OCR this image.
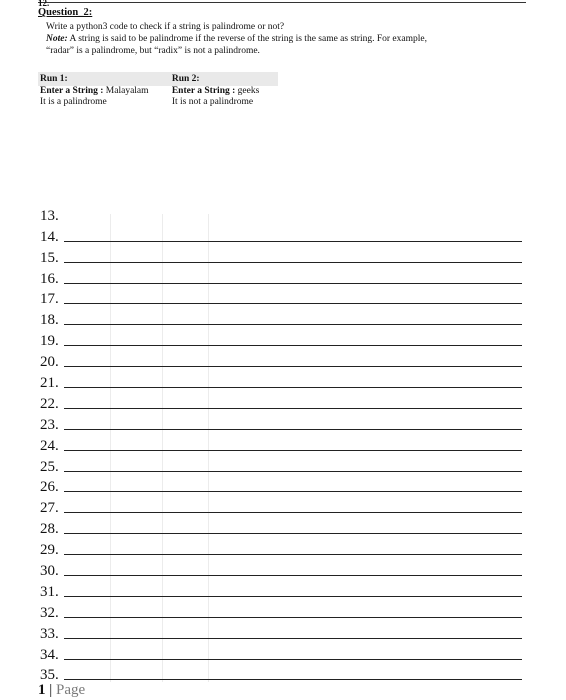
12.
Question_2:
Write a python3 code to check if a string is palindrome or not?
Note: A string is said to be palindrome if the reverse of the string is the same as string. For example,
“radar” is a palindrome, but “radix” is not a palindrome.
Run 1:	Run 2:
Enter a String : Malayalam	Enter a String : geeks
It is a palindrome	It is not a palindrome
13.
14.
15.
16.
17.
18.
19.
20.
21.
22.
23.
24.
25.
26.
27.
28.
29.
30.
31.
32.
33.
34.
35.
1 | Page
